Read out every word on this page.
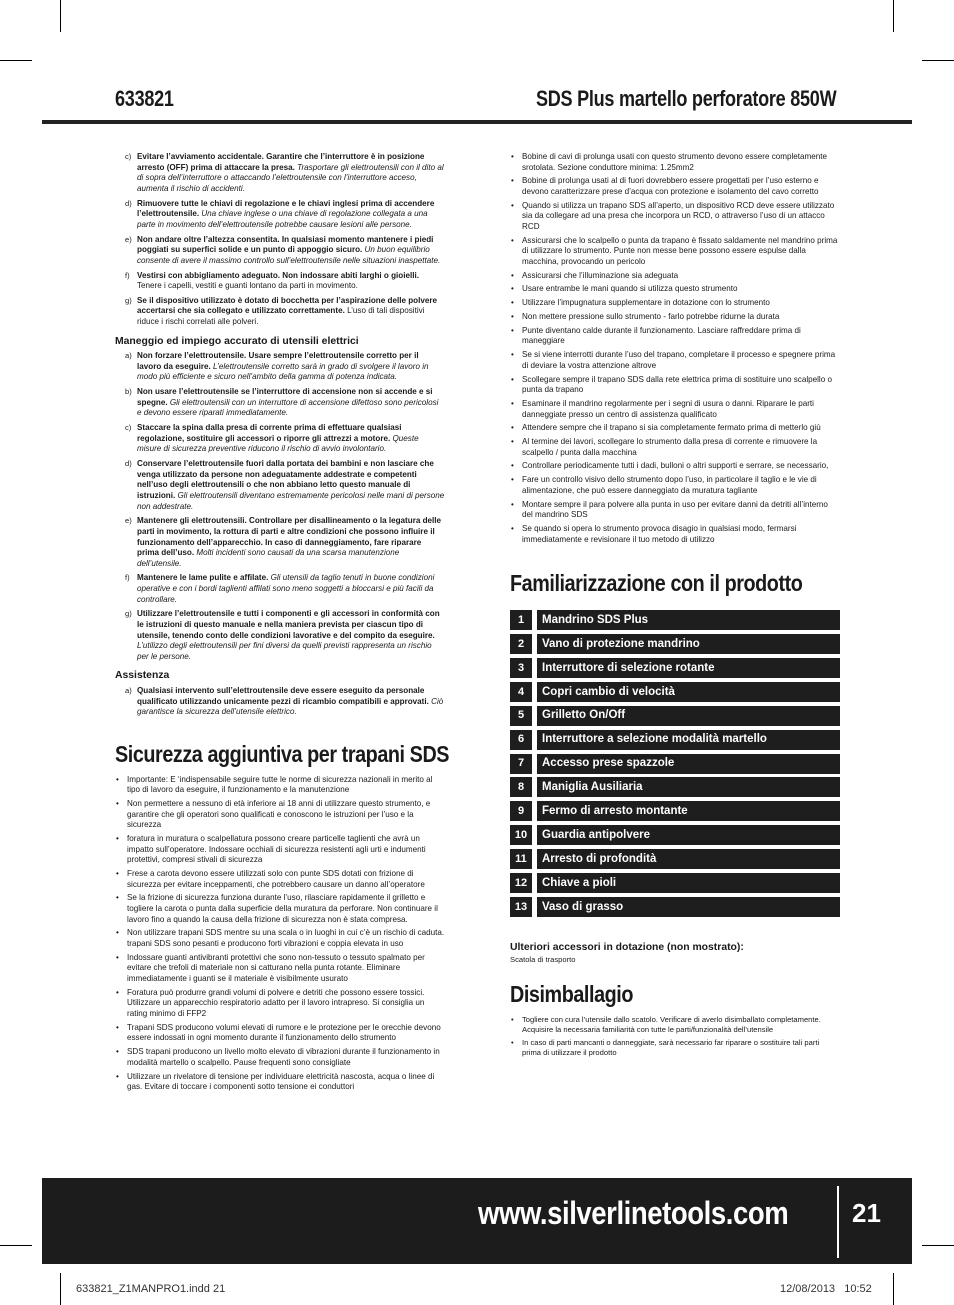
633821	SDS Plus martello perforatore 850W
c) Evitare l’avviamento accidentale. Garantire che l’interruttore è in posizione arresto (OFF) prima di attaccare la presa. Trasportare gli elettroutensili con il dito al di sopra dell’interruttore o attaccando l’elettroutensile con l’interruttore acceso, aumenta il rischio di accidenti.
d) Rimuovere tutte le chiavi di regolazione e le chiavi inglesi prima di accendere l’elettroutensile. Una chiave inglese o una chiave di regolazione collegata a una parte in movimento dell’elettroutensile potrebbe causare lesioni alle persone.
e) Non andare oltre l’altezza consentita. In qualsiasi momento mantenere i piedi poggiati su superfici solide e un punto di appoggio sicuro. Un buon equilibrio consente di avere il massimo controllo sull’elettroutensile nelle situazioni inaspettate.
f) Vestirsi con abbigliamento adeguato. Non indossare abiti larghi o gioielli. Tenere i capelli, vestiti e guanti lontano da parti in movimento.
g) Se il dispositivo utilizzato è dotato di bocchetta per l’aspirazione delle polvere accertarsi che sia collegato e utilizzato correttamente. L’uso di tali dispositivi riduce i rischi correlati alle polveri.
Maneggio ed impiego accurato di utensili elettrici
a) Non forzare l’elettroutensile. Usare sempre l’elettroutensile corretto per il lavoro da eseguire. L’elettroutensile corretto sarà in grado di svolgere il lavoro in modo più efficiente e sicuro nell’ambito della gamma di potenza indicata.
b) Non usare l’elettroutensile se l’interruttore di accensione non si accende e si spegne. Gli elettroutensili con un interruttore di accensione difettoso sono pericolosi e devono essere riparati immediatamente.
c) Staccare la spina dalla presa di corrente prima di effettuare qualsiasi regolazione, sostituire gli accessori o riporre gli attrezzi a motore. Queste misure di sicurezza preventive riducono il rischio di avvio involontario.
d) Conservare l’elettroutensile fuori dalla portata dei bambini e non lasciare che venga utilizzato da persone non adeguatamente addestrate e competenti nell’uso degli elettroutensili o che non abbiano letto questo manuale di istruzioni. Gli elettroutensili diventano estremamente pericolosi nelle mani di persone non addestrate.
e) Mantenere gli elettroutensili. Controllare per disallineamento o la legatura delle parti in movimento, la rottura di parti e altre condizioni che possono influire il funzionamento dell’apparecchio. In caso di danneggiamento, fare riparare prima dell’uso. Molti incidenti sono causati da una scarsa manutenzione dell’utensile.
f) Mantenere le lame pulite e affilate. Gli utensili da taglio tenuti in buone condizioni operative e con i bordi taglienti affilati sono meno soggetti a bloccarsi e più facili da controllare.
g) Utilizzare l’elettroutensile e tutti i componenti e gli accessori in conformità con le istruzioni di questo manuale e nella maniera prevista per ciascun tipo di utensile, tenendo conto delle condizioni lavorative e del compito da eseguire. L’utilizzo degli elettroutensili per fini diversi da quelli previsti rappresenta un rischio per le persone.
Assistenza
a) Qualsiasi intervento sull’elettroutensile deve essere eseguito da personale qualificato utilizzando unicamente pezzi di ricambio compatibili e approvati. Ciò garantisce la sicurezza dell’utensile elettrico.
Sicurezza aggiuntiva per trapani SDS
• Importante: E ‘indispensabile seguire tutte le norme di sicurezza nazionali in merito al tipo di lavoro da eseguire, il funzionamento e la manutenzione
• Non permettere a nessuno di età inferiore ai 18 anni di utilizzare questo strumento, e garantire che gli operatori sono qualificati e conoscono le istruzioni per l’uso e la sicurezza
• foratura in muratura o scalpellatura possono creare particelle taglienti che avrà un impatto sull’operatore. Indossare occhiali di sicurezza resistenti agli urti e indumenti protettivi, compresi stivali di sicurezza
• Frese a carota devono essere utilizzati solo con punte SDS dotati con frizione di sicurezza per evitare inceppamenti, che potrebbero causare un danno all’operatore
• Se la frizione di sicurezza funziona durante l’uso, rilasciare rapidamente il grilletto e togliere la carota o punta dalla superficie della muratura da perforare. Non continuare il lavoro fino a quando la causa della frizione di sicurezza non è stata compresa.
• Non utilizzare trapani SDS mentre su una scala o in luoghi in cui c’è un rischio di caduta. trapani SDS sono pesanti e producono forti vibrazioni e coppia elevata in uso
• Indossare guanti antivibranti protettivi che sono non-tessuto o tessuto spalmato per evitare che trefoli di materiale non si catturano nella punta rotante. Eliminare immediatamente i guanti se il materiale è visibilmente usurato
• Foratura può produrre grandi volumi di polvere e detriti che possono essere tossici. Utilizzare un apparecchio respiratorio adatto per il lavoro intrapreso. Si consiglia un rating minimo di FFP2
• Trapani SDS producono volumi elevati di rumore e le protezione per le orecchie devono essere indossati in ogni momento durante il funzionamento dello strumento
• SDS trapani producono un livello molto elevato di vibrazioni durante il funzionamento in modalità martello o scalpello. Pause frequenti sono consigliate
• Utilizzare un rivelatore di tensione per individuare elettricità nascosta, acqua o linee di gas. Evitare di toccare i componenti sotto tensione ei conduttori
• Bobine di cavi di prolunga usati con questo strumento devono essere completamente srotolata. Sezione conduttore minima: 1.25mm2
• Bobine di prolunga usati al di fuori dovrebbero essere progettati per l’uso esterno e devono caratterizzare prese d’acqua con protezione e isolamento del cavo corretto
• Quando si utilizza un trapano SDS all’aperto, un dispositivo RCD deve essere utilizzato sia da collegare ad una presa che incorpora un RCD, o attraverso l’uso di un attacco RCD
• Assicurarsi che lo scalpello o punta da trapano è fissato saldamente nel mandrino prima di utilizzare lo strumento. Punte non messe bene possono essere espulse dalla macchina, provocando un pericolo
• Assicurarsi che l’illuminazione sia adeguata
• Usare entrambe le mani quando si utilizza questo strumento
• Utilizzare l’impugnatura supplementare in dotazione con lo strumento
• Non mettere pressione sullo strumento - farlo potrebbe ridurne la durata
• Punte diventano calde durante il funzionamento. Lasciare raffreddare prima di maneggiare
• Se si viene interrotti durante l’uso del trapano, completare il processo e spegnere prima di deviare la vostra attenzione altrove
• Scollegare sempre il trapano SDS dalla rete elettrica prima di sostituire uno scalpello o punta da trapano
• Esaminare il mandrino regolarmente per i segni di usura o danni. Riparare le parti danneggiate presso un centro di assistenza qualificato
• Attendere sempre che il trapano si sia completamente fermato prima di metterlo giù
• Al termine dei lavori, scollegare lo strumento dalla presa di corrente e rimuovere la scalpello / punta dalla macchina
• Controllare periodicamente tutti i dadi, bulloni o altri supporti e serrare, se necessario,
• Fare un controllo visivo dello strumento dopo l’uso, in particolare il taglio e le vie di alimentazione, che può essere danneggiato da muratura tagliante
• Montare sempre il para polvere alla punta in uso per evitare danni da detriti all’interno del mandrino SDS
• Se quando si opera lo strumento provoca disagio in qualsiasi modo, fermarsi immediatamente e revisionare il tuo metodo di utilizzo
Familiarizzazione con il prodotto
1	Mandrino SDS Plus
2	Vano di protezione mandrino
3	Interruttore di selezione rotante
4	Copri cambio di velocità
5	Grilletto On/Off
6	Interruttore a selezione modalità martello
7	Accesso prese spazzole
8	Maniglia Ausiliaria
9	Fermo di arresto montante
10	Guardia antipolvere
11	Arresto di profondità
12	Chiave a pioli
13	Vaso di grasso
Ulteriori accessori in dotazione (non mostrato):
Scatola di trasporto
Disimballagio
• Togliere con cura l’utensile dallo scatolo. Verificare di averlo disimballato completamente. Acquisire la necessaria familiarità con tutte le parti/funzionalità dell’utensile
• In caso di parti mancanti o danneggiate, sarà necessario far riparare o sostituire tali parti prima di utilizzare il prodotto
www.silverlinetools.com 21
633821_Z1MANPRO1.indd 21	12/08/2013   10:52
